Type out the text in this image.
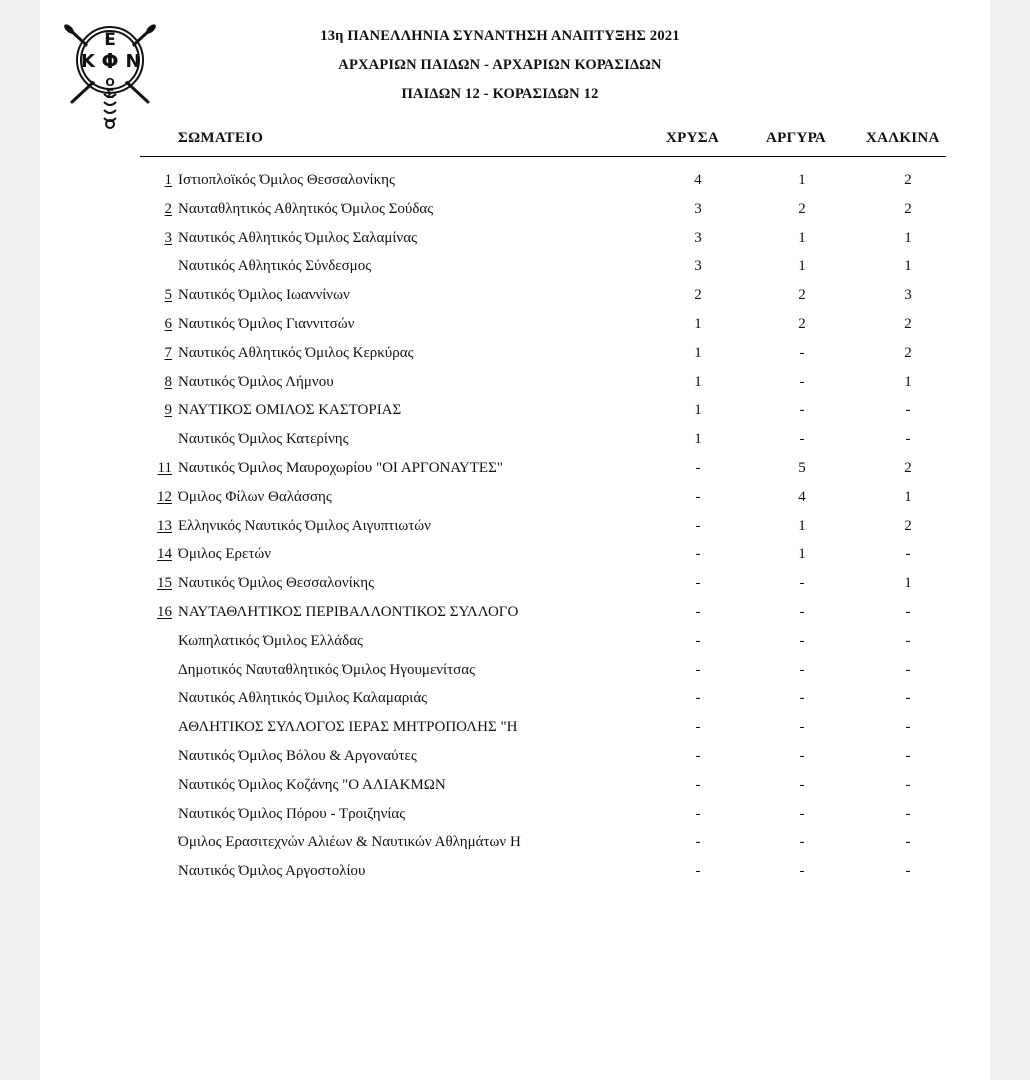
Ε
Κ Φ Ν
Ο
Σ
13η ΠΑΝΕΛΛΗΝΙΑ ΣΥΝΑΝΤΗΣΗ ΑΝΑΠΤΥΞΗΣ 2021
ΑΡΧΑΡΙΩΝ ΠΑΙΔΩΝ - ΑΡΧΑΡΙΩΝ ΚΟΡΑΣΙΔΩΝ
ΠΑΙΔΩΝ 12 - ΚΟΡΑΣΙΔΩΝ 12
ΣΩΜΑΤΕΙΟ	ΧΡΥΣΑ	ΑΡΓΥΡΑ	ΧΑΛΚΙΝΑ
1 Ιστιοπλοϊκός Όμιλος Θεσσαλονίκης	4	1	2
2 Ναυταθλητικός Αθλητικός Όμιλος Σούδας	3	2	2
3 Ναυτικός Αθλητικός Όμιλος Σαλαμίνας	3	1	1
Ναυτικός Αθλητικός Σύνδεσμος	3	1	1
5 Ναυτικός Όμιλος Ιωαννίνων	2	2	3
6 Ναυτικός Όμιλος Γιαννιτσών	1	2	2
7 Ναυτικός Αθλητικός Όμιλος Κερκύρας	1	-	2
8 Ναυτικός Όμιλος Λήμνου	1	-	1
9 ΝΑΥΤΙΚΟΣ ΟΜΙΛΟΣ ΚΑΣΤΟΡΙΑΣ	1	-	-
Ναυτικός Όμιλος Κατερίνης	1	-	-
11 Ναυτικός Όμιλος Μαυροχωρίου "ΟΙ ΑΡΓΟΝΑΥΤΕΣ"	-	5	2
12 Όμιλος Φίλων Θαλάσσης	-	4	1
13 Ελληνικός Ναυτικός Όμιλος Αιγυπτιωτών	-	1	2
14 Όμιλος Ερετών	-	1	-
15 Ναυτικός Όμιλος Θεσσαλονίκης	-	-	1
16 ΝΑΥΤΑΘΛΗΤΙΚΟΣ ΠΕΡΙΒΑΛΛΟΝΤΙΚΟΣ ΣΥΛΛΟΓΟ	-	-	-
Κωπηλατικός Όμιλος Ελλάδας	-	-	-
Δημοτικός Ναυταθλητικός Όμιλος Ηγουμενίτσας	-	-	-
Ναυτικός Αθλητικός Όμιλος Καλαμαριάς	-	-	-
ΑΘΛΗΤΙΚΟΣ ΣΥΛΛΟΓΟΣ ΙΕΡΑΣ ΜΗΤΡΟΠΟΛΗΣ "Η	-	-	-
Ναυτικός Όμιλος Βόλου & Αργοναύτες	-	-	-
Ναυτικός Όμιλος Κοζάνης "Ο ΑΛΙΑΚΜΩΝ	-	-	-
Ναυτικός Όμιλος Πόρου - Τροιζηνίας	-	-	-
Όμιλος Ερασιτεχνών Αλιέων & Ναυτικών Αθλημάτων Η	-	-	-
Ναυτικός Όμιλος Αργοστολίου	-	-	-
